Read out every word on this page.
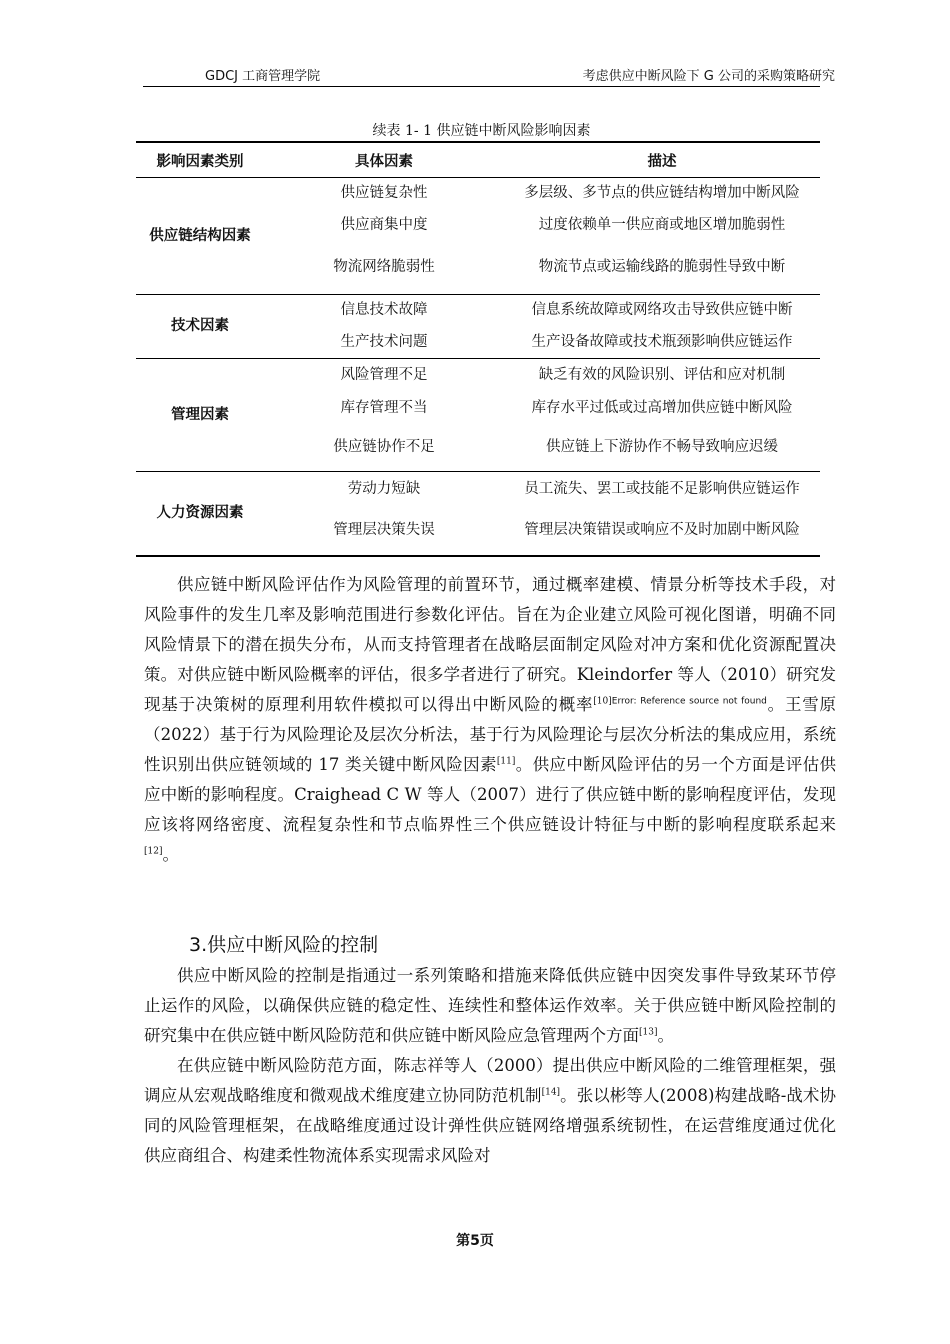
GDCJ 工商管理学院	考虑供应中断风险下 G 公司的采购策略研究
续表 1- 1 供应链中断风险影响因素
影响因素类别	具体因素	描述

供应链结构因素	供应链复杂性	多层级、多节点的供应链结构增加中断风险
	供应商集中度	过度依赖单一供应商或地区增加脆弱性

	物流网络脆弱性	物流节点或运输线路的脆弱性导致中断
技术因素	信息技术故障	信息系统故障或网络攻击导致供应链中断
	生产技术问题	生产设备故障或技术瓶颈影响供应链运作
管理因素	风险管理不足	缺乏有效的风险识别、评估和应对机制
	库存管理不当	库存水平过低或过高增加供应链中断风险

	供应链协作不足	供应链上下游协作不畅导致响应迟缓
人力资源因素	劳动力短缺	员工流失、罢工或技能不足影响供应链运作

	管理层决策失误	管理层决策错误或响应不及时加剧中断风险

供应链中断风险评估作为风险管理的前置环节，通过概率建模、情景分析等技术手段，对风险事件的发生几率及影响范围进行参数化评估。旨在为企业建立风险可视化图谱，明确不同风险情景下的潜在损失分布，从而支持管理者在战略层面制定风险对冲方案和优化资源配置决策。对供应链中断风险概率的评估，很多学者进行了研究。Kleindorfer 等人（2010）研究发现基于决策树的原理利用软件模拟可以得出中断风险的概率$^{[10]Error: Reference source not found}$。王雪原（2022）基于行为风险理论及层次分析法，基于行为风险理论与层次分析法的集成应用，系统性识别出供应链领域的 17 类关键中断风险因素[11]。供应中断风险评估的另一个方面是评估供应中断的影响程度。Craighead C W 等人（2007）进行了供应链中断的影响程度评估，发现应该将网络密度、流程复杂性和节点临界性三个供应链设计特征与中断的影响程度联系起来[12]。

3.供应中断风险的控制

供应中断风险的控制是指通过一系列策略和措施来降低供应链中因突发事件导致某环节停止运作的风险，以确保供应链的稳定性、连续性和整体运作效率。关于供应链中断风险控制的研究集中在供应链中断风险防范和供应链中断风险应急管理两个方面[13]。

在供应链中断风险防范方面，陈志祥等人（2000）提出供应中断风险的二维管理框架，强调应从宏观战略维度和微观战术维度建立协同防范机制[14]。张以彬等人(2008)构建战略-战术协同的风险管理框架，在战略维度通过设计弹性供应链网络增强系统韧性，在运营维度通过优化供应商组合、构建柔性物流体系实现需求风险对

第5页
